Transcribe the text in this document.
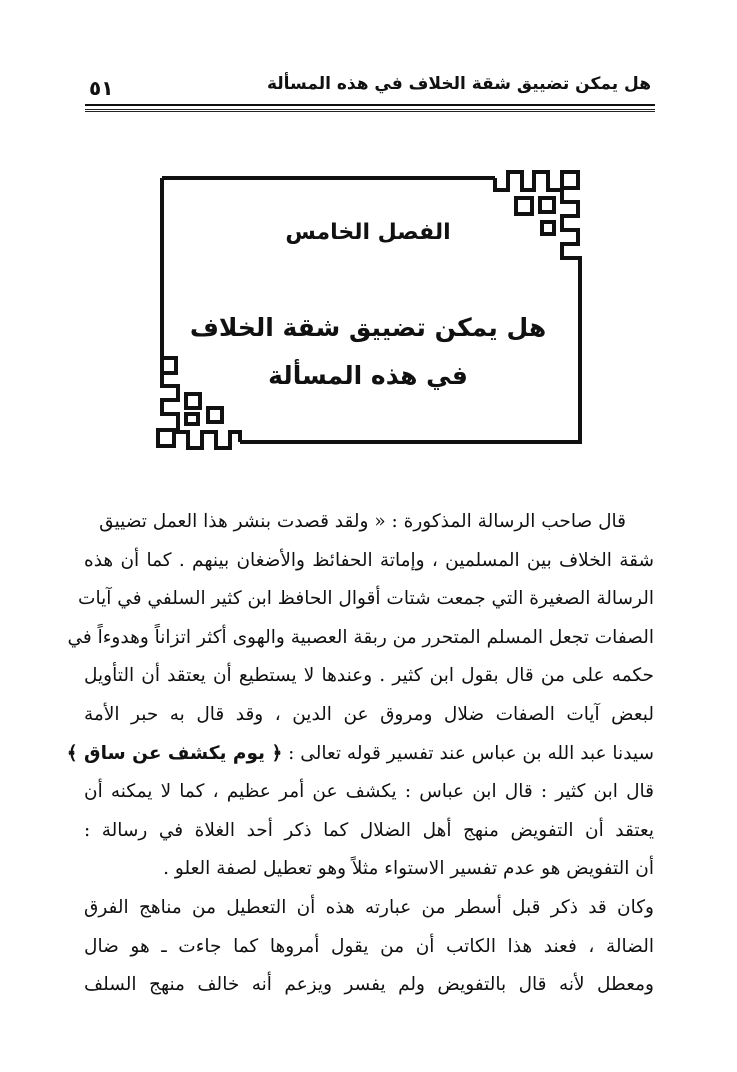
٥١	هل يمكن تضييق شقة الخلاف في هذه المسألة
الفصل الخامس
هل يمكن تضييق شقة الخلاف
في هذه المسألة
قال صاحب الرسالة المذكورة : « ولقد قصدت بنشر هذا العمل تضييق
شقة الخلاف بين المسلمين ، وإماتة الحفائظ والأضغان بينهم . كما أن هذه
الرسالة الصغيرة التي جمعت شتات أقوال الحافظ ابن كثير السلفي في آيات
الصفات تجعل المسلم المتحرر من ربقة العصبية والهوى أكثر اتزاناً وهدوءاً في
حكمه على من قال بقول ابن كثير . وعندها لا يستطيع أن يعتقد أن التأويل
لبعض آيات الصفات ضلال ومروق عن الدين ، وقد قال به حبر الأمة
سيدنا عبد الله بن عباس عند تفسير قوله تعالى : ﴿ يوم يكشف عن ساق ﴾
قال ابن كثير : قال ابن عباس : يكشف عن أمر عظيم ، كما لا يمكنه أن
يعتقد أن التفويض منهج أهل الضلال كما ذكر أحد الغلاة في رسالة :
أن التفويض هو عدم تفسير الاستواء مثلاً وهو تعطيل لصفة العلو .
وكان قد ذكر قبل أسطر من عبارته هذه أن التعطيل من مناهج الفرق
الضالة ، فعند هذا الكاتب أن من يقول أمروها كما جاءت ـ هو ضال
ومعطل لأنه قال بالتفويض ولم يفسر ويزعم أنه خالف منهج السلف
